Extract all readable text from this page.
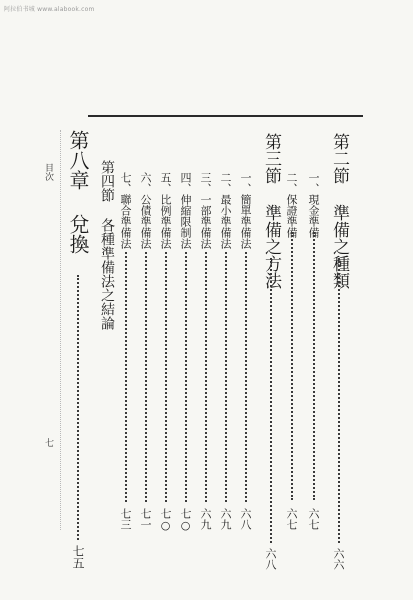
阿拉伯书城 www.alabook.com
目次
七
第二節 準備之種類
六六
一、現金準備
六七
二、保證準備
六七
第三節 準備之方法
六八
一、簡單準備法
六八
二、最小準備法
六九
三、一部準備法
六九
四、伸縮限制法
七○
五、比例準備法
七○
六、公債準備法
七一
七、聯合準備法
七三
第四節 各種準備法之結論
第八章 兌換
七五
